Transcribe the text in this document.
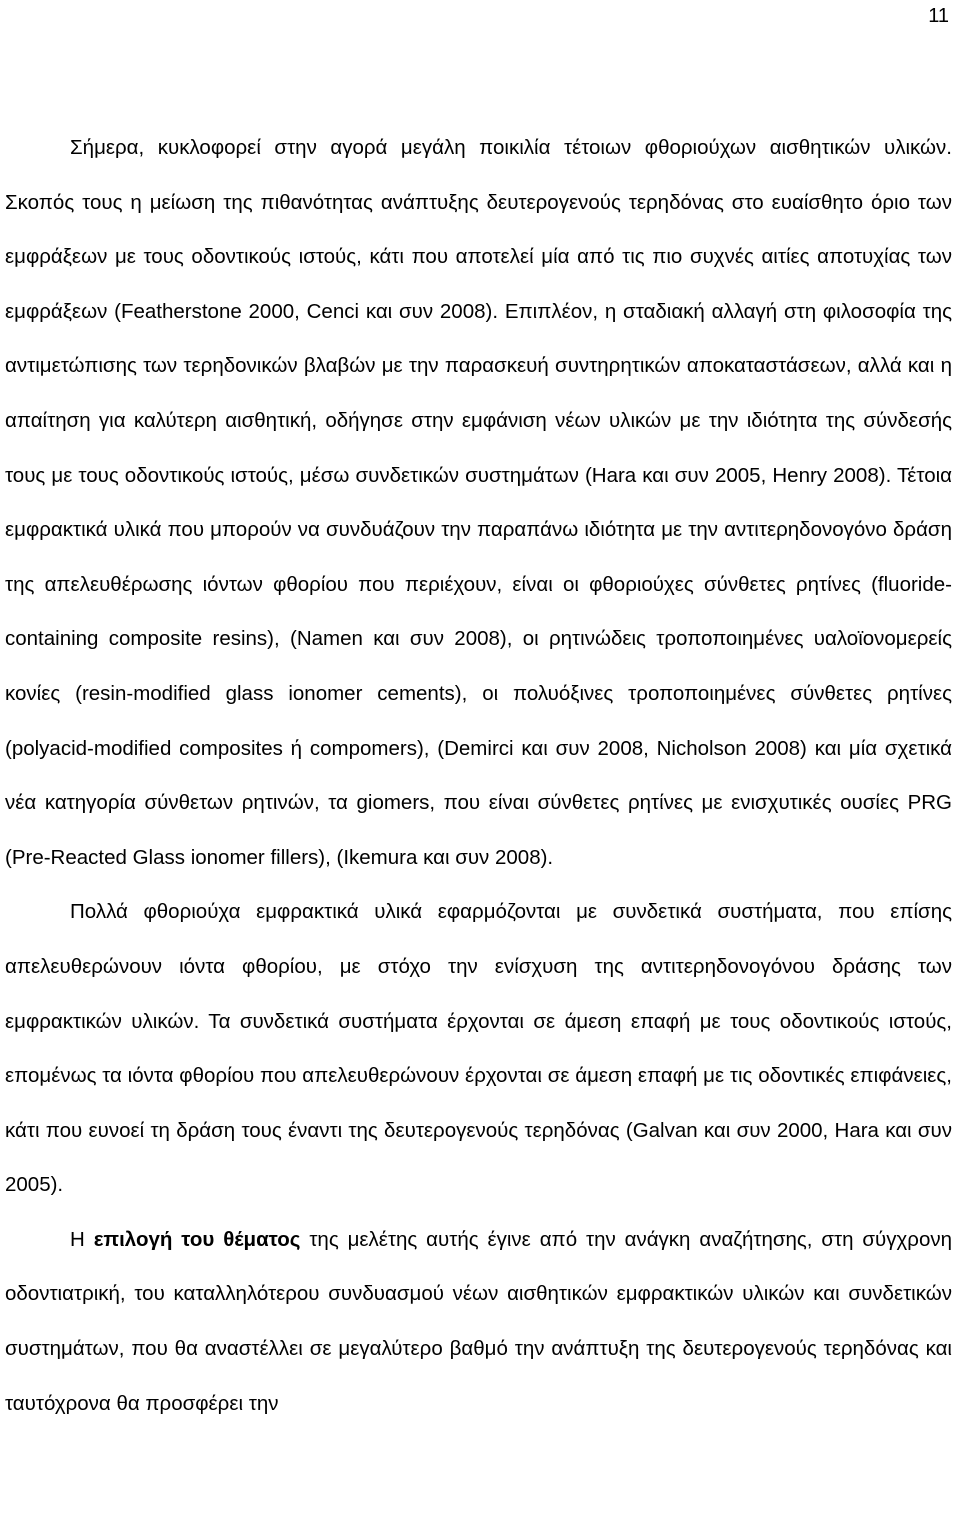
11

Σήμερα, κυκλοφορεί στην αγορά μεγάλη ποικιλία τέτοιων φθοριούχων αισθητικών υλικών. Σκοπός τους η μείωση της πιθανότητας ανάπτυξης δευτερογενούς τερηδόνας στο ευαίσθητο όριο των εμφράξεων με τους οδοντικούς ιστούς, κάτι που αποτελεί μία από τις πιο συχνές αιτίες αποτυχίας των εμφράξεων (Featherstone 2000, Cenci και συν 2008). Επιπλέον, η σταδιακή αλλαγή στη φιλοσοφία της αντιμετώπισης των τερηδονικών βλαβών με την παρασκευή συντηρητικών αποκαταστάσεων, αλλά και η απαίτηση για καλύτερη αισθητική, οδήγησε στην εμφάνιση νέων υλικών με την ιδιότητα της σύνδεσής τους με τους οδοντικούς ιστούς, μέσω συνδετικών συστημάτων (Hara και συν 2005, Henry 2008). Τέτοια εμφρακτικά υλικά που μπορούν να συνδυάζουν την παραπάνω ιδιότητα με την αντιτερηδονογόνο δράση της απελευθέρωσης ιόντων φθορίου που περιέχουν, είναι οι φθοριούχες σύνθετες ρητίνες (fluoride-containing composite resins), (Namen και συν 2008), οι ρητινώδεις τροποποιημένες υαλοϊονομερείς κονίες (resin-modified glass ionomer cements), οι πολυόξινες τροποποιημένες σύνθετες ρητίνες (polyacid-modified composites ή compomers), (Demirci και συν 2008, Nicholson 2008) και μία σχετικά νέα κατηγορία σύνθετων ρητινών, τα giomers, που είναι σύνθετες ρητίνες με ενισχυτικές ουσίες PRG (Pre-Reacted Glass ionomer fillers), (Ikemura και συν 2008).

Πολλά φθοριούχα εμφρακτικά υλικά εφαρμόζονται με συνδετικά συστήματα, που επίσης απελευθερώνουν ιόντα φθορίου, με στόχο την ενίσχυση της αντιτερηδονογόνου δράσης των εμφρακτικών υλικών. Τα συνδετικά συστήματα έρχονται σε άμεση επαφή με τους οδοντικούς ιστούς, επομένως τα ιόντα φθορίου που απελευθερώνουν έρχονται σε άμεση επαφή με τις οδοντικές επιφάνειες, κάτι που ευνοεί τη δράση τους έναντι της δευτερογενούς τερηδόνας (Galvan και συν 2000, Hara και συν 2005).

Η επιλογή του θέματος της μελέτης αυτής έγινε από την ανάγκη αναζήτησης, στη σύγχρονη οδοντιατρική, του καταλληλότερου συνδυασμού νέων αισθητικών εμφρακτικών υλικών και συνδετικών συστημάτων, που θα αναστέλλει σε μεγαλύτερο βαθμό την ανάπτυξη της δευτερογενούς τερηδόνας και ταυτόχρονα θα προσφέρει την
